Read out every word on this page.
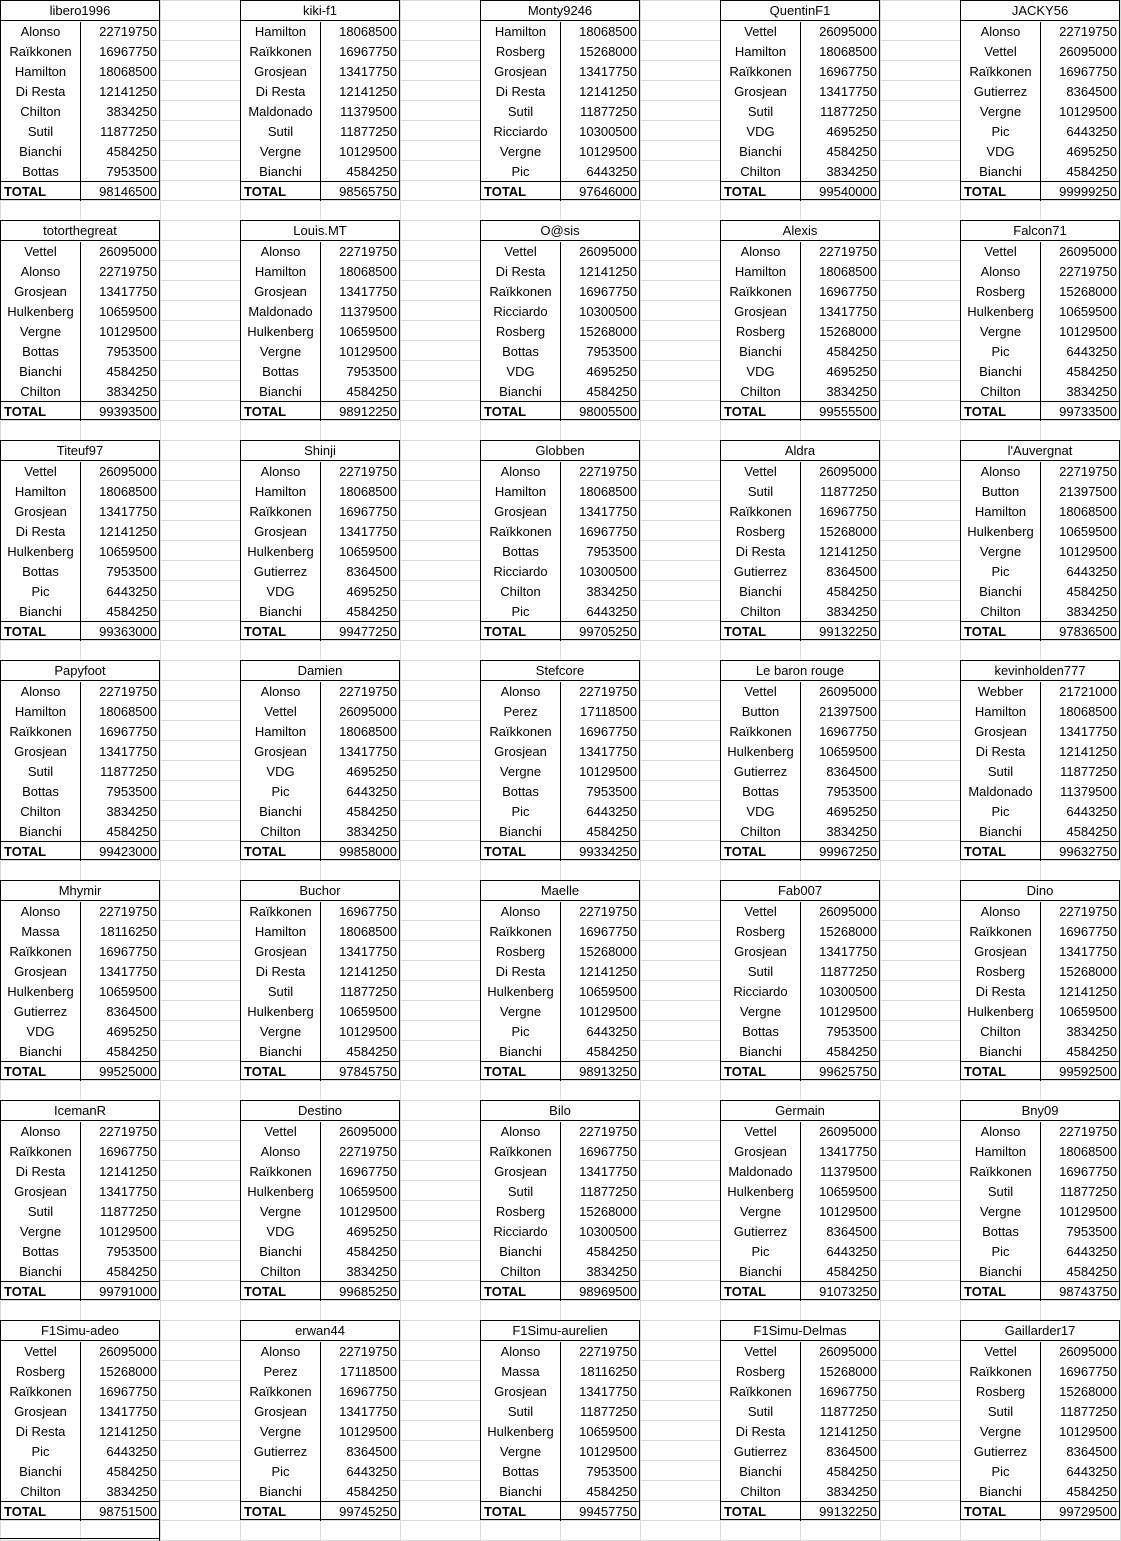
libero1996
Alonso	22719750
Raïkkonen	16967750
Hamilton	18068500
Di Resta	12141250
Chilton	3834250
Sutil	11877250
Bianchi	4584250
Bottas	7953500
TOTAL	98146500
kiki-f1
Hamilton	18068500
Raïkkonen	16967750
Grosjean	13417750
Di Resta	12141250
Maldonado	11379500
Sutil	11877250
Vergne	10129500
Bianchi	4584250
TOTAL	98565750
Monty9246
Hamilton	18068500
Rosberg	15268000
Grosjean	13417750
Di Resta	12141250
Sutil	11877250
Ricciardo	10300500
Vergne	10129500
Pic	6443250
TOTAL	97646000
QuentinF1
Vettel	26095000
Hamilton	18068500
Raïkkonen	16967750
Grosjean	13417750
Sutil	11877250
VDG	4695250
Bianchi	4584250
Chilton	3834250
TOTAL	99540000
JACKY56
Alonso	22719750
Vettel	26095000
Raïkkonen	16967750
Gutierrez	8364500
Vergne	10129500
Pic	6443250
VDG	4695250
Bianchi	4584250
TOTAL	99999250
totorthegreat
Vettel	26095000
Alonso	22719750
Grosjean	13417750
Hulkenberg	10659500
Vergne	10129500
Bottas	7953500
Bianchi	4584250
Chilton	3834250
TOTAL	99393500
Louis.MT
Alonso	22719750
Hamilton	18068500
Grosjean	13417750
Maldonado	11379500
Hulkenberg	10659500
Vergne	10129500
Bottas	7953500
Bianchi	4584250
TOTAL	98912250
O@sis
Vettel	26095000
Di Resta	12141250
Raïkkonen	16967750
Ricciardo	10300500
Rosberg	15268000
Bottas	7953500
VDG	4695250
Bianchi	4584250
TOTAL	98005500
Alexis
Alonso	22719750
Hamilton	18068500
Raïkkonen	16967750
Grosjean	13417750
Rosberg	15268000
Bianchi	4584250
VDG	4695250
Chilton	3834250
TOTAL	99555500
Falcon71
Vettel	26095000
Alonso	22719750
Rosberg	15268000
Hulkenberg	10659500
Vergne	10129500
Pic	6443250
Bianchi	4584250
Chilton	3834250
TOTAL	99733500
Titeuf97
Vettel	26095000
Hamilton	18068500
Grosjean	13417750
Di Resta	12141250
Hulkenberg	10659500
Bottas	7953500
Pic	6443250
Bianchi	4584250
TOTAL	99363000
Shinji
Alonso	22719750
Hamilton	18068500
Raïkkonen	16967750
Grosjean	13417750
Hulkenberg	10659500
Gutierrez	8364500
VDG	4695250
Bianchi	4584250
TOTAL	99477250
Globben
Alonso	22719750
Hamilton	18068500
Grosjean	13417750
Raïkkonen	16967750
Bottas	7953500
Ricciardo	10300500
Chilton	3834250
Pic	6443250
TOTAL	99705250
Aldra
Vettel	26095000
Sutil	11877250
Raïkkonen	16967750
Rosberg	15268000
Di Resta	12141250
Gutierrez	8364500
Bianchi	4584250
Chilton	3834250
TOTAL	99132250
l'Auvergnat
Alonso	22719750
Button	21397500
Hamilton	18068500
Hulkenberg	10659500
Vergne	10129500
Pic	6443250
Bianchi	4584250
Chilton	3834250
TOTAL	97836500
Papyfoot
Alonso	22719750
Hamilton	18068500
Raïkkonen	16967750
Grosjean	13417750
Sutil	11877250
Bottas	7953500
Chilton	3834250
Bianchi	4584250
TOTAL	99423000
Damien
Alonso	22719750
Vettel	26095000
Hamilton	18068500
Grosjean	13417750
VDG	4695250
Pic	6443250
Bianchi	4584250
Chilton	3834250
TOTAL	99858000
Stefcore
Alonso	22719750
Perez	17118500
Raïkkonen	16967750
Grosjean	13417750
Vergne	10129500
Bottas	7953500
Pic	6443250
Bianchi	4584250
TOTAL	99334250
Le baron rouge
Vettel	26095000
Button	21397500
Raïkkonen	16967750
Hulkenberg	10659500
Gutierrez	8364500
Bottas	7953500
VDG	4695250
Chilton	3834250
TOTAL	99967250
kevinholden777
Webber	21721000
Hamilton	18068500
Grosjean	13417750
Di Resta	12141250
Sutil	11877250
Maldonado	11379500
Pic	6443250
Bianchi	4584250
TOTAL	99632750
Mhymir
Alonso	22719750
Massa	18116250
Raïkkonen	16967750
Grosjean	13417750
Hulkenberg	10659500
Gutierrez	8364500
VDG	4695250
Bianchi	4584250
TOTAL	99525000
Buchor
Raïkkonen	16967750
Hamilton	18068500
Grosjean	13417750
Di Resta	12141250
Sutil	11877250
Hulkenberg	10659500
Vergne	10129500
Bianchi	4584250
TOTAL	97845750
Maelle
Alonso	22719750
Raïkkonen	16967750
Rosberg	15268000
Di Resta	12141250
Hulkenberg	10659500
Vergne	10129500
Pic	6443250
Bianchi	4584250
TOTAL	98913250
Fab007
Vettel	26095000
Rosberg	15268000
Grosjean	13417750
Sutil	11877250
Ricciardo	10300500
Vergne	10129500
Bottas	7953500
Bianchi	4584250
TOTAL	99625750
Dino
Alonso	22719750
Raïkkonen	16967750
Grosjean	13417750
Rosberg	15268000
Di Resta	12141250
Hulkenberg	10659500
Chilton	3834250
Bianchi	4584250
TOTAL	99592500
IcemanR
Alonso	22719750
Raïkkonen	16967750
Di Resta	12141250
Grosjean	13417750
Sutil	11877250
Vergne	10129500
Bottas	7953500
Bianchi	4584250
TOTAL	99791000
Destino
Vettel	26095000
Alonso	22719750
Raïkkonen	16967750
Hulkenberg	10659500
Vergne	10129500
VDG	4695250
Bianchi	4584250
Chilton	3834250
TOTAL	99685250
Bilo
Alonso	22719750
Raïkkonen	16967750
Grosjean	13417750
Sutil	11877250
Rosberg	15268000
Ricciardo	10300500
Bianchi	4584250
Chilton	3834250
TOTAL	98969500
Germain
Vettel	26095000
Grosjean	13417750
Maldonado	11379500
Hulkenberg	10659500
Vergne	10129500
Gutierrez	8364500
Pic	6443250
Bianchi	4584250
TOTAL	91073250
Bny09
Alonso	22719750
Hamilton	18068500
Raïkkonen	16967750
Sutil	11877250
Vergne	10129500
Bottas	7953500
Pic	6443250
Bianchi	4584250
TOTAL	98743750
F1Simu-adeo
Vettel	26095000
Rosberg	15268000
Raïkkonen	16967750
Grosjean	13417750
Di Resta	12141250
Pic	6443250
Bianchi	4584250
Chilton	3834250
TOTAL	98751500
erwan44
Alonso	22719750
Perez	17118500
Raïkkonen	16967750
Grosjean	13417750
Vergne	10129500
Gutierrez	8364500
Pic	6443250
Bianchi	4584250
TOTAL	99745250
F1Simu-aurelien
Alonso	22719750
Massa	18116250
Grosjean	13417750
Sutil	11877250
Hulkenberg	10659500
Vergne	10129500
Bottas	7953500
Bianchi	4584250
TOTAL	99457750
F1Simu-Delmas
Vettel	26095000
Rosberg	15268000
Raïkkonen	16967750
Sutil	11877250
Di Resta	12141250
Gutierrez	8364500
Bianchi	4584250
Chilton	3834250
TOTAL	99132250
Gaillarder17
Vettel	26095000
Raïkkonen	16967750
Rosberg	15268000
Sutil	11877250
Vergne	10129500
Gutierrez	8364500
Pic	6443250
Bianchi	4584250
TOTAL	99729500
